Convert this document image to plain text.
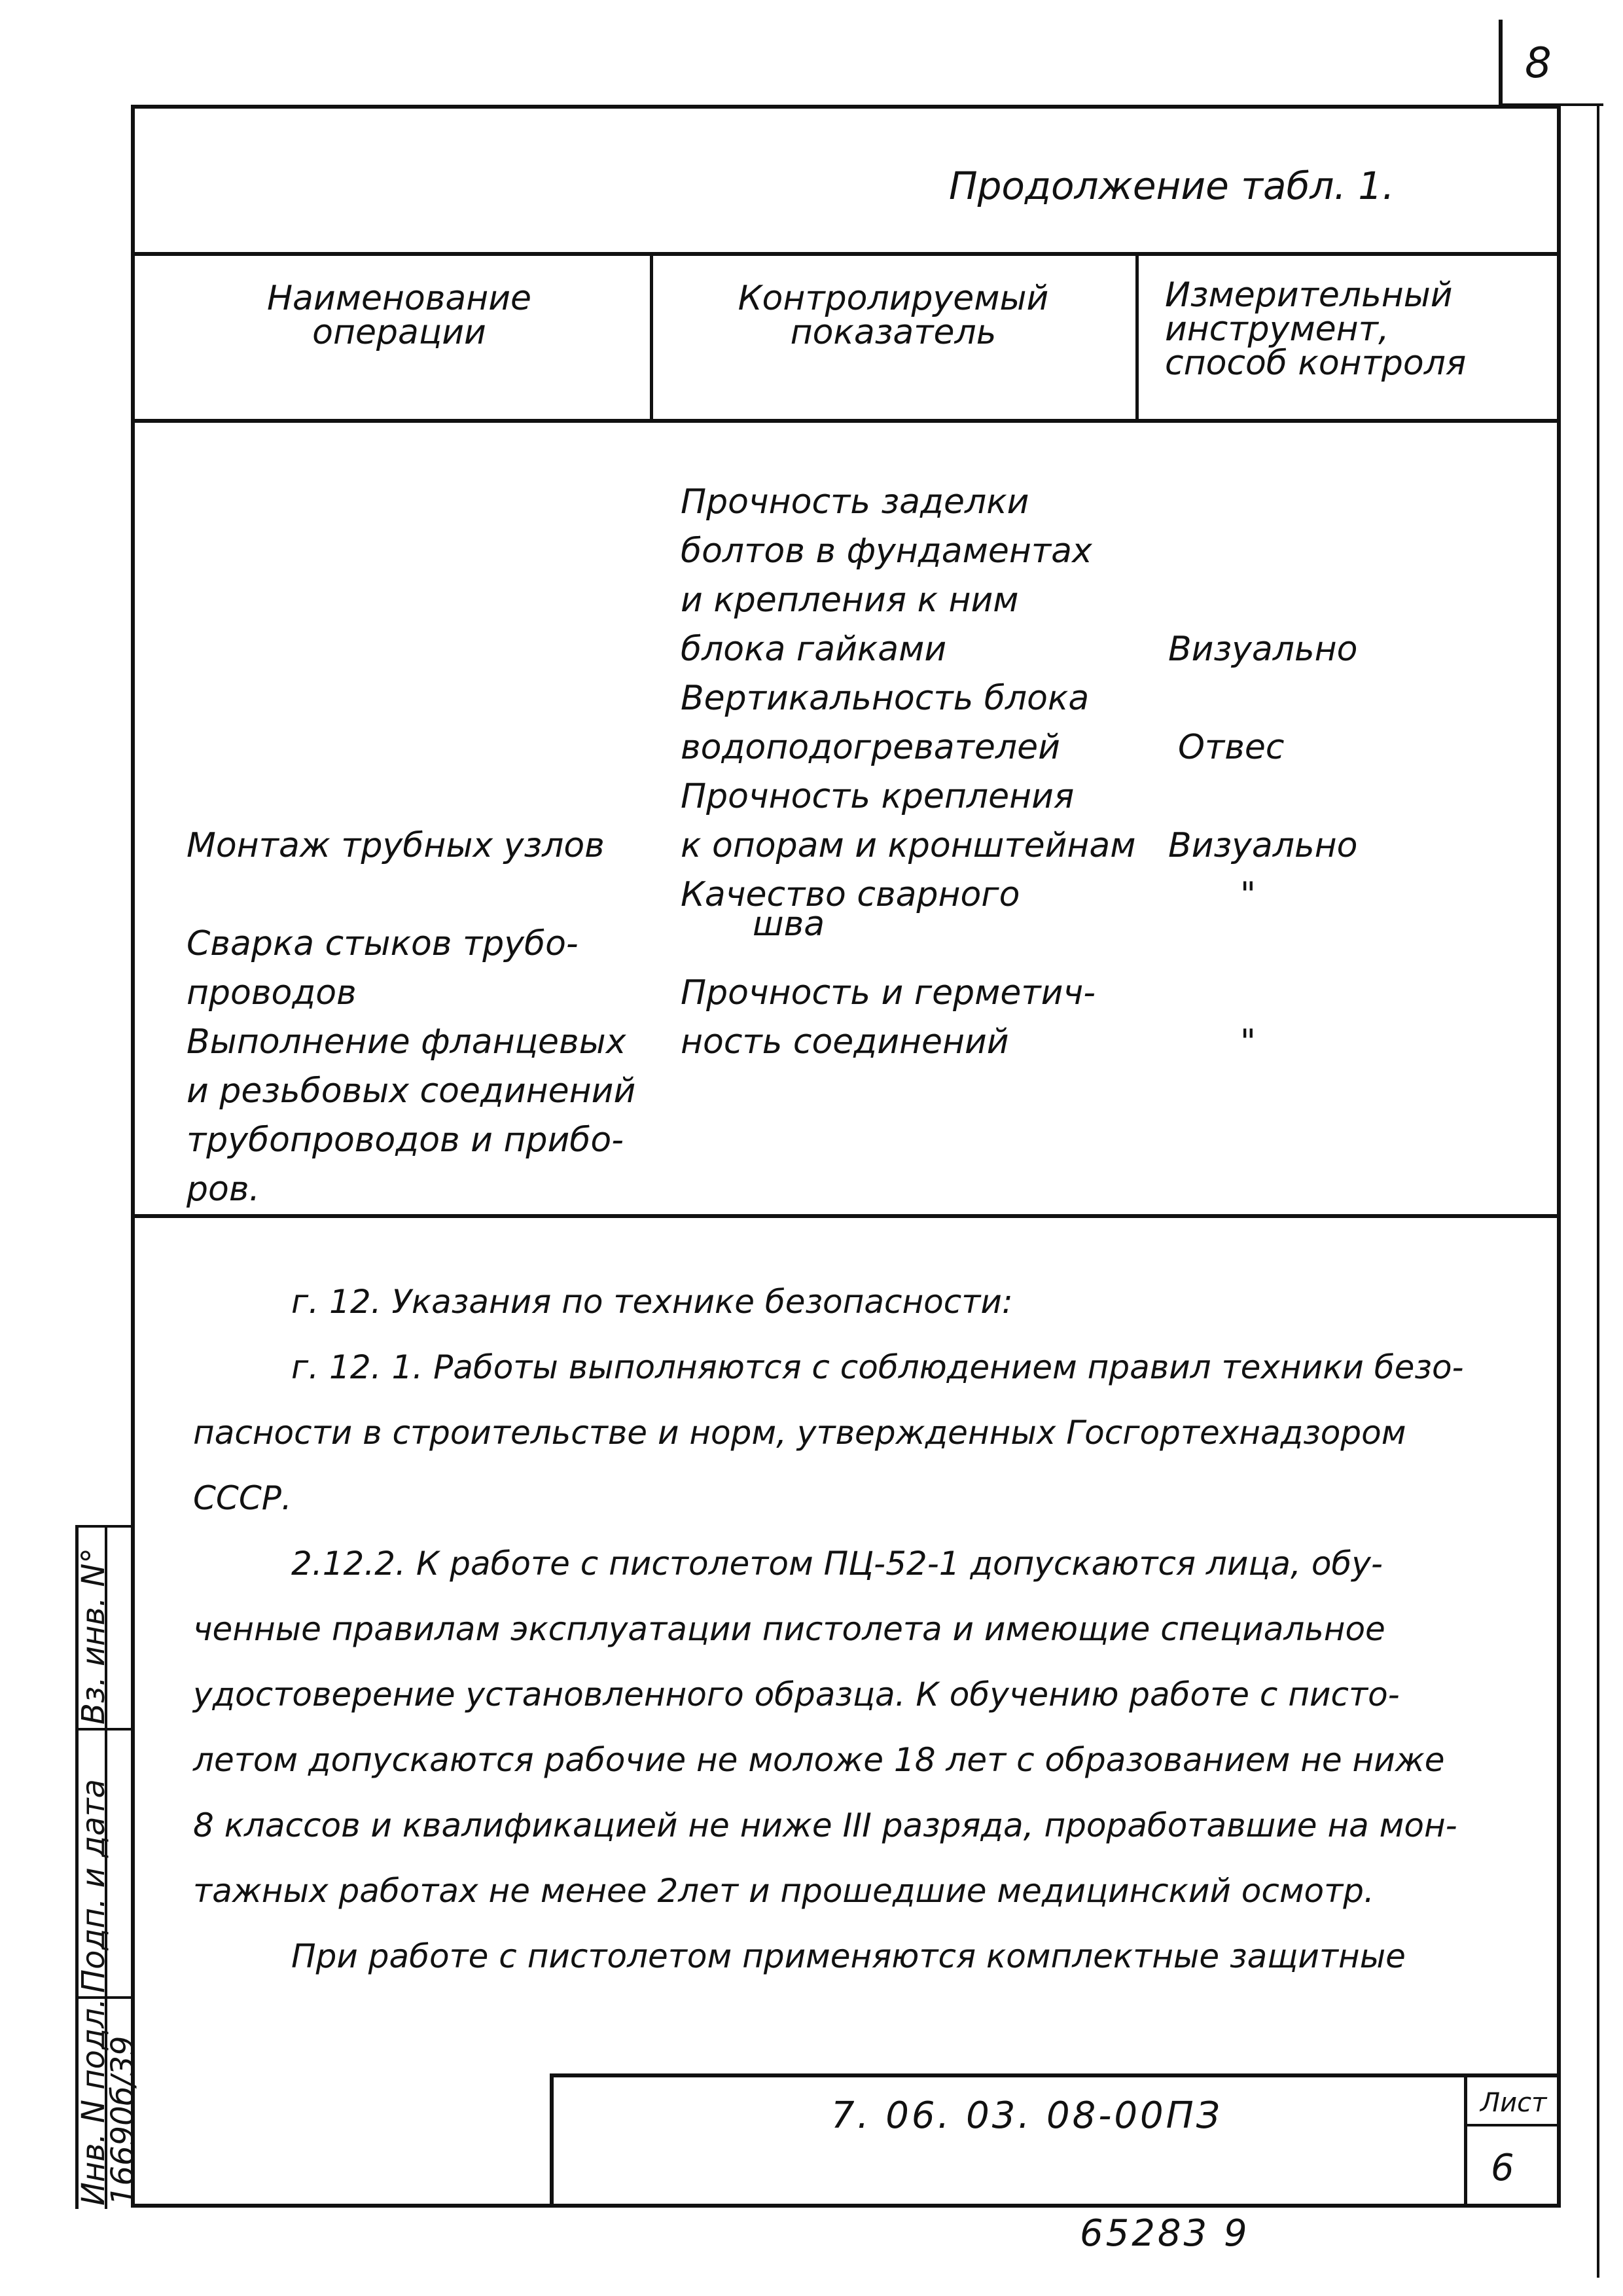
8
Продолжение табл. 1.
Наименование
операции
Контролируемый
показатель
Измерительный
инструмент,
способ контроля
Монтаж трубных узлов
Сварка стыков трубо-
проводов
Выполнение фланцевых
и резьбовых соединений
трубопроводов и прибо-
ров.
Прочность заделки
болтов в фундаментах
и крепления к ним
блока гайками
Вертикальность блока
водоподогревателей
Прочность крепления
к опорам и кронштейнам
Качество сварного
шва
Прочность и герметич-
ность соединений
Визуально
Отвес
Визуально
"
"
г. 12. Указания по технике безопасности:
г. 12. 1. Работы выполняются с соблюдением правил техники безо-
пасности в строительстве и норм, утвержденных Госгортехнадзором
СССР.
2.12.2. К работе с пистолетом ПЦ-52-1 допускаются лица, обу-
ченные правилам эксплуатации пистолета и имеющие специальное
удостоверение установленного образца. К обучению работе с писто-
летом допускаются рабочие не моложе 18 лет с образованием не ниже
8 классов и квалификацией не ниже III разряда, проработавшие на мон-
тажных работах не менее 2лет и прошедшие медицинский осмотр.
При работе с пистолетом применяются комплектные защитные
7. 06. 03. 08-00ПЗ	Лист
6
65283 9
Инв. N подл.
Подп. и дата
Вз. инв. N°
16690б/39
